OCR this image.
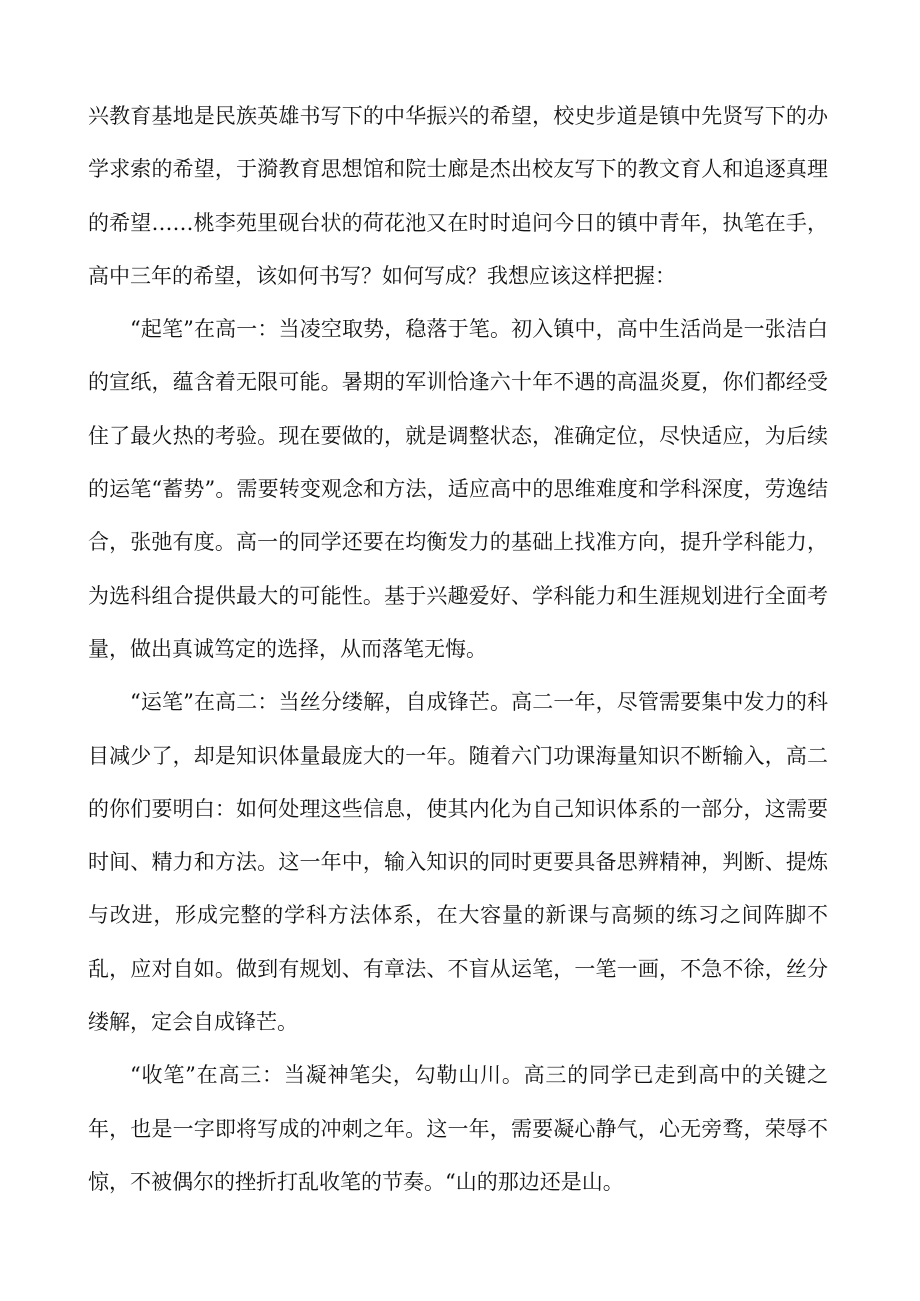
兴教育基地是民族英雄书写下的中华振兴的希望，校史步道是镇中先贤写下的办学求索的希望，于漪教育思想馆和院士廊是杰出校友写下的教文育人和追逐真理的希望……桃李苑里砚台状的荷花池又在时时追问今日的镇中青年，执笔在手，高中三年的希望，该如何书写？如何写成？我想应该这样把握：

“起笔”在高一：当凌空取势，稳落于笔。初入镇中，高中生活尚是一张洁白的宣纸，蕴含着无限可能。暑期的军训恰逢六十年不遇的高温炎夏，你们都经受住了最火热的考验。现在要做的，就是调整状态，准确定位，尽快适应，为后续的运笔“蓄势”。需要转变观念和方法，适应高中的思维难度和学科深度，劳逸结合，张弛有度。高一的同学还要在均衡发力的基础上找准方向，提升学科能力，为选科组合提供最大的可能性。基于兴趣爱好、学科能力和生涯规划进行全面考量，做出真诚笃定的选择，从而落笔无悔。

“运笔”在高二：当丝分缕解，自成锋芒。高二一年，尽管需要集中发力的科目减少了，却是知识体量最庞大的一年。随着六门功课海量知识不断输入，高二的你们要明白：如何处理这些信息，使其内化为自己知识体系的一部分，这需要时间、精力和方法。这一年中，输入知识的同时更要具备思辨精神，判断、提炼与改进，形成完整的学科方法体系，在大容量的新课与高频的练习之间阵脚不乱，应对自如。做到有规划、有章法、不盲从运笔，一笔一画，不急不徐，丝分缕解，定会自成锋芒。

“收笔”在高三：当凝神笔尖，勾勒山川。高三的同学已走到高中的关键之年，也是一字即将写成的冲刺之年。这一年，需要凝心静气，心无旁骛，荣辱不惊，不被偶尔的挫折打乱收笔的节奏。“山的那边还是山。
